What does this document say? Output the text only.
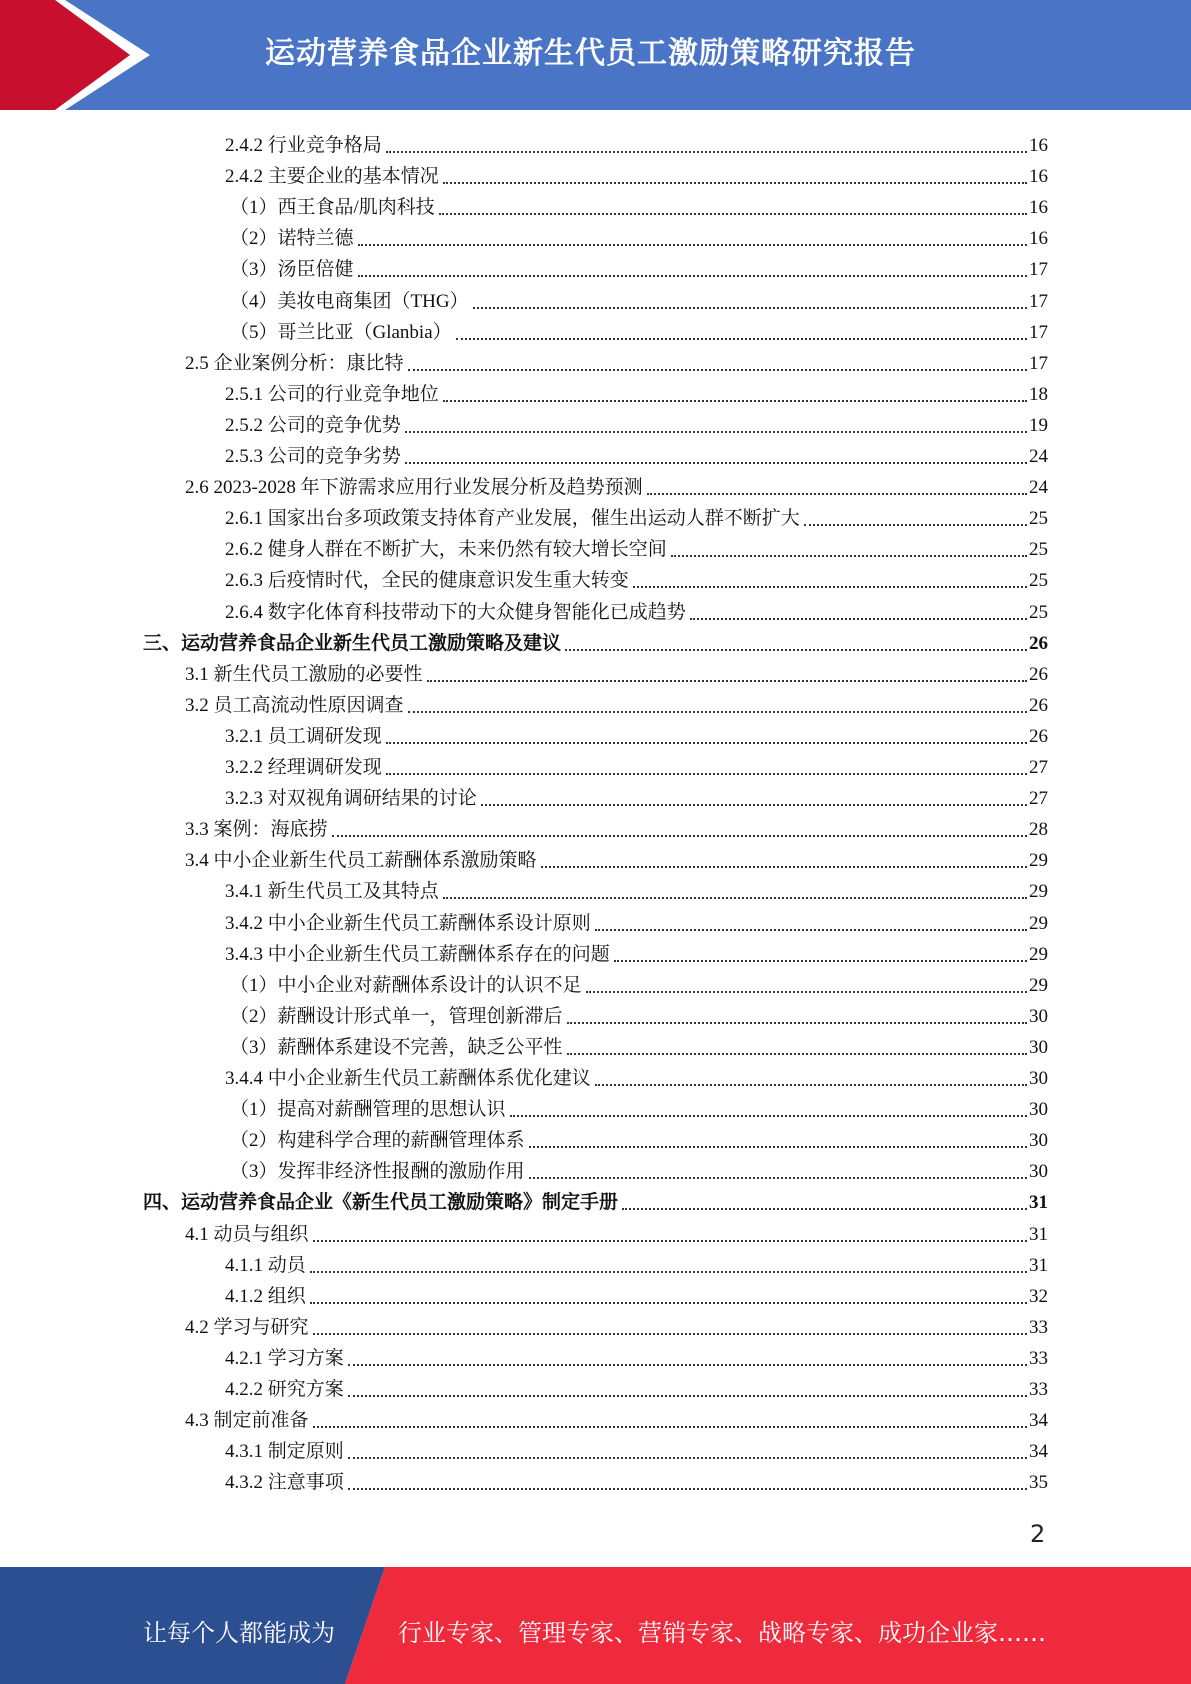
运动营养食品企业新生代员工激励策略研究报告
2.4.2 行业竞争格局	16
2.4.2 主要企业的基本情况	16
（1）西王食品/肌肉科技	16
（2）诺特兰德	16
（3）汤臣倍健	17
（4）美妆电商集团（THG）	17
（5）哥兰比亚（Glanbia）	17
2.5 企业案例分析：康比特	17
2.5.1 公司的行业竞争地位	18
2.5.2 公司的竞争优势	19
2.5.3 公司的竞争劣势	24
2.6 2023-2028 年下游需求应用行业发展分析及趋势预测	24
2.6.1 国家出台多项政策支持体育产业发展，催生出运动人群不断扩大	25
2.6.2 健身人群在不断扩大，未来仍然有较大增长空间	25
2.6.3 后疫情时代，全民的健康意识发生重大转变	25
2.6.4 数字化体育科技带动下的大众健身智能化已成趋势	25
三、运动营养食品企业新生代员工激励策略及建议	26
3.1 新生代员工激励的必要性	26
3.2 员工高流动性原因调查	26
3.2.1 员工调研发现	26
3.2.2 经理调研发现	27
3.2.3 对双视角调研结果的讨论	27
3.3 案例：海底捞	28
3.4 中小企业新生代员工薪酬体系激励策略	29
3.4.1 新生代员工及其特点	29
3.4.2 中小企业新生代员工薪酬体系设计原则	29
3.4.3 中小企业新生代员工薪酬体系存在的问题	29
（1）中小企业对薪酬体系设计的认识不足	29
（2）薪酬设计形式单一，管理创新滞后	30
（3）薪酬体系建设不完善，缺乏公平性	30
3.4.4 中小企业新生代员工薪酬体系优化建议	30
（1）提高对薪酬管理的思想认识	30
（2）构建科学合理的薪酬管理体系	30
（3）发挥非经济性报酬的激励作用	30
四、运动营养食品企业《新生代员工激励策略》制定手册	31
4.1 动员与组织	31
4.1.1 动员	31
4.1.2 组织	32
4.2 学习与研究	33
4.2.1 学习方案	33
4.2.2 研究方案	33
4.3 制定前准备	34
4.3.1 制定原则	34
4.3.2 注意事项	35
2
让每个人都能成为	行业专家、管理专家、营销专家、战略专家、成功企业家……
